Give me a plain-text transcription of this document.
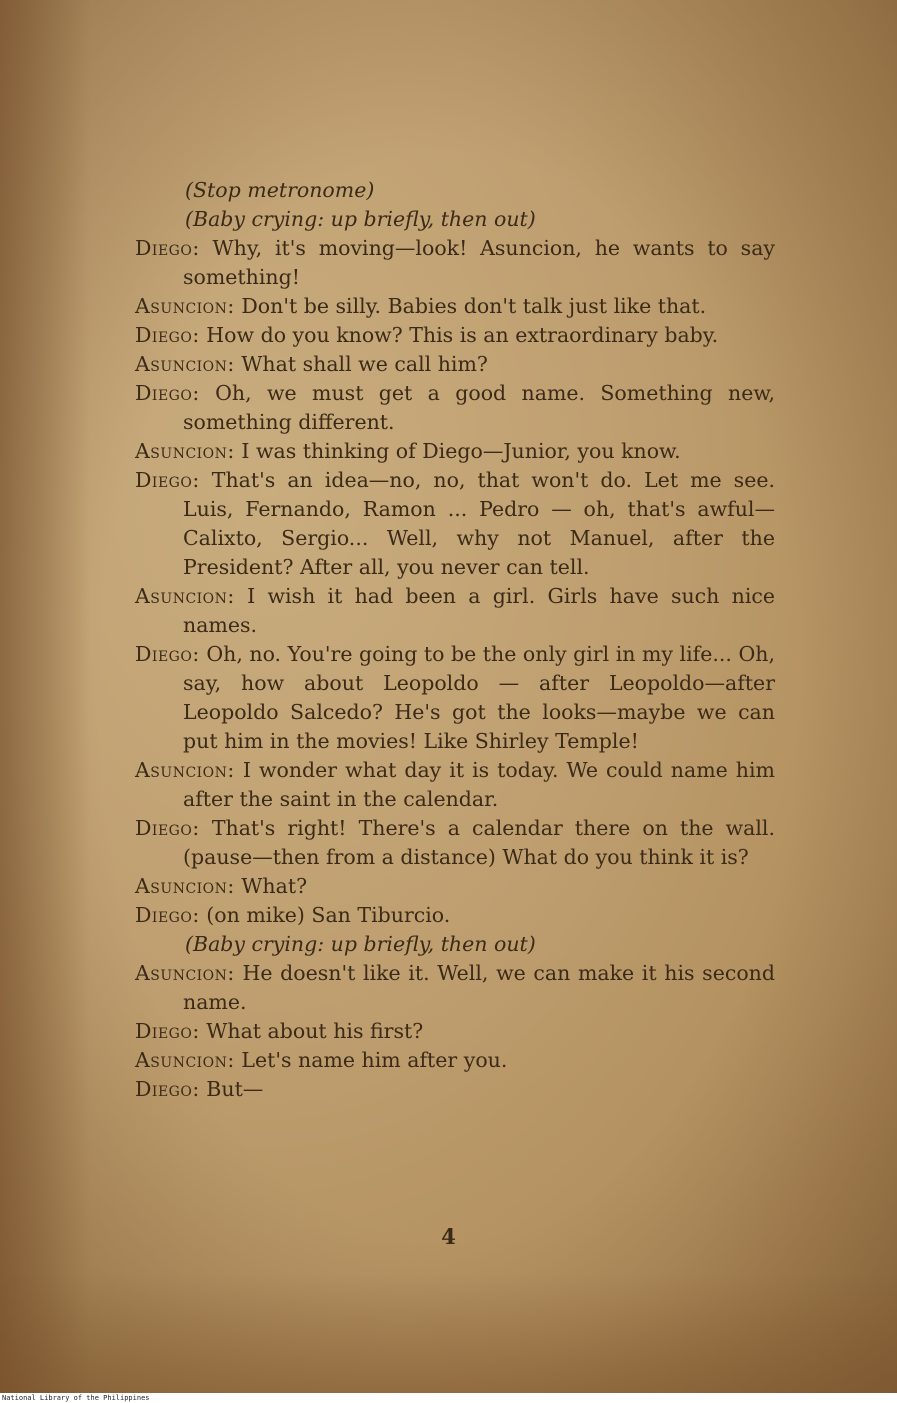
(Stop metronome)

(Baby crying: up briefly, then out)

Diego: Why, it's moving—look! Asuncion, he wants to say something!

Asuncion: Don't be silly. Babies don't talk just like that.

Diego: How do you know? This is an extraordinary baby.

Asuncion: What shall we call him?

Diego: Oh, we must get a good name. Something new, something different.

Asuncion: I was thinking of Diego—Junior, you know.

Diego: That's an idea—no, no, that won't do. Let me see. Luis, Fernando, Ramon ... Pedro — oh, that's awful—Calixto, Sergio... Well, why not Manuel, after the President? After all, you never can tell.

Asuncion: I wish it had been a girl. Girls have such nice names.

Diego: Oh, no. You're going to be the only girl in my life... Oh, say, how about Leopoldo — after Leopoldo—after Leopoldo Salcedo? He's got the looks—maybe we can put him in the movies! Like Shirley Temple!

Asuncion: I wonder what day it is today. We could name him after the saint in the calendar.

Diego: That's right! There's a calendar there on the wall. (pause—then from a distance) What do you think it is?

Asuncion: What?

Diego: (on mike) San Tiburcio.

(Baby crying: up briefly, then out)

Asuncion: He doesn't like it. Well, we can make it his second name.

Diego: What about his first?

Asuncion: Let's name him after you.

Diego: But—

4
National Library of the Philippines
